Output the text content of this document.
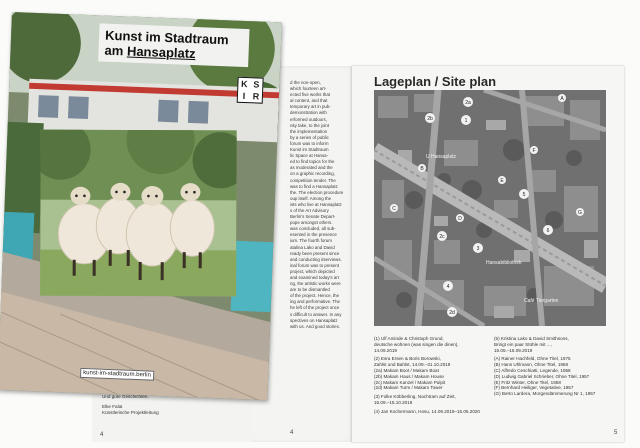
d the non-open,
which fourteen art-
ected five works that
al content, and that
temporary art in pub-
demonstration with
erformed outdoors,
nity take, to the joint
the implementation
by a series of public
forum was to inform
Kunst im Stadtraum
lic Space at Hansa-
ed to find topics for the
as moderated and the
on a graphic recording,
competition tender. The
was to find a Hansaplatz
the. The election procedure
oup itself. Among the
ists who live at Hansaplatz
s of the Art Advisory
Berlin's Senate Depart-
pope amongst others.
was concluded, all sub-
esented in the presence
ium. The fourth forum
atalina Lako and David
ready been present since
and conducting interviews.
inal forum was to present
project, which depicted
and examined today's art
ng, the artistic works were
are to be dismantled
of the project. Hence, the
ing and performative. The
he left of the project once
s difficult to answer. In any
spectives on Hansaplatz
with us. And good stories.
4
Lageplan / Site plan
2a
1
2b
2c
2d
3
4
5
6
A
B
C
D
E
F
G
U Hansaplatz
Hansabibliothek
Café Tiergarten
(1) Ulf Aminde & Christoph Grund,
deutsche wohnen (was singen die dinen),
14.09.2019
(2) Esra Ersen & Boris Borowski,
Zahlst und Bahlst, 14.09.–31.10.2019
(2a) Makam Boot / Makam Boat
(2b) Makam Haus / Makam House
(2c) Makam Kanzel / Makam Pulpit
(2d) Makam Turm / Makam Tower
(3) Folke Köbberling, Nachtram auf Zeit,
15.09.–15.10.2019
(4) Jan Kochermann, Hosu, 14.09.2019–15.05.2020
(5) Kristina Lako & David Smithsons,
Bringt ein paar Stühle mit ...,
15.05.–15.09.2019
(A) Rainer Hachfeld, Ohne Titel, 1975
(B) Hans Uhlmann, Ohne Titel, 1958
(C) Alfredo Ceschiatti, Legende, 1958
(D) Ludwig Gabriel Schrieber, Ohne Titel, 1957
(E) Fritz Winter, Ohne Titel, 1958
(F) Bernhard Heiliger, Vegetative, 1957
(G) Berto Lardera, Morgendämmerung Nr 1, 1957
5
Und gute Geschichten.
Elke Falat
Künstlerische Projektleitung
4
Kunst im Stadtraum
am Hansaplatz
K S
I R
kunst-im-stadtraum.berlin
